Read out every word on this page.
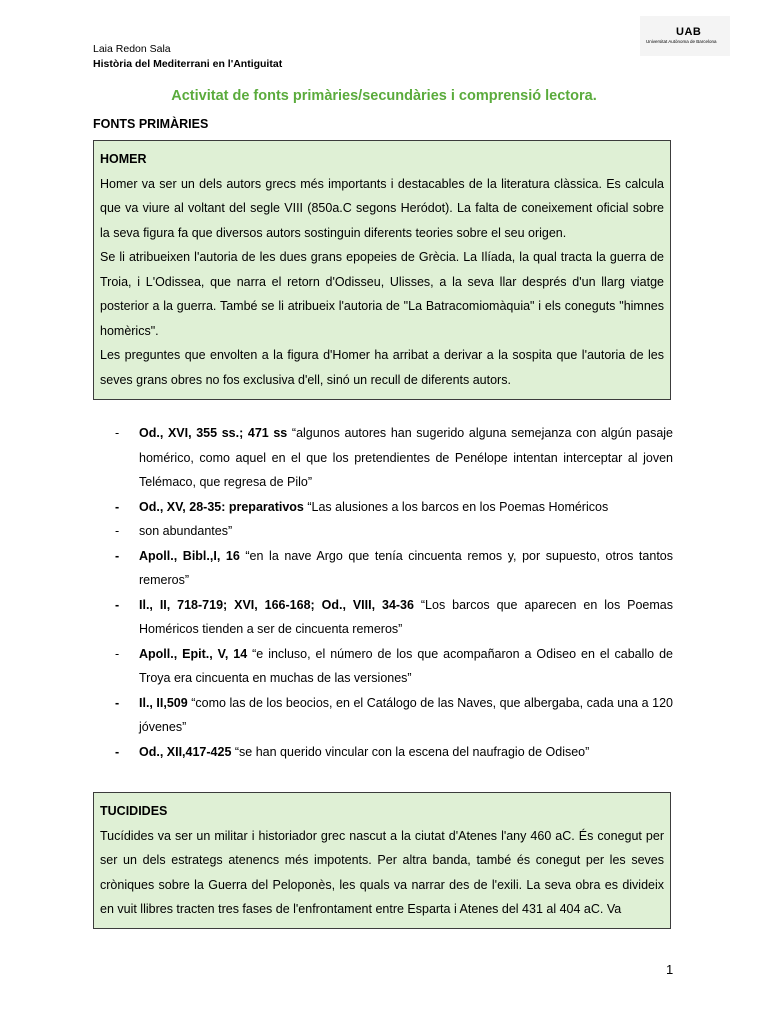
Laia Redon Sala
Història del Mediterrani en l'Antiguitat
UAB
Universitat Autònoma de Barcelona
Activitat de fonts primàries/secundàries i comprensió lectora.
FONTS PRIMÀRIES

HOMER

Homer va ser un dels autors grecs més importants i destacables de la literatura clàssica. Es calcula que va viure al voltant del segle VIII (850a.C segons Heródot). La falta de coneixement oficial sobre la seva figura fa que diversos autors sostinguin diferents teories sobre el seu origen.

Se li atribueixen l'autoria de les dues grans epopeies de Grècia. La Ilíada, la qual tracta la guerra de Troia, i L'Odissea, que narra el retorn d'Odisseu, Ulisses, a la seva llar després d'un llarg viatge posterior a la guerra. També se li atribueix l'autoria de "La Batracomiomàquia" i els coneguts "himnes homèrics".

Les preguntes que envolten a la figura d'Homer ha arribat a derivar a la sospita que l'autoria de les seves grans obres no fos exclusiva d'ell, sinó un recull de diferents autors.

-	Od., XVI, 355 ss.; 471 ss “algunos autores han sugerido alguna semejanza con algún pasaje homérico, como aquel en el que los pretendientes de Penélope intentan interceptar al joven Telémaco, que regresa de Pilo”
-	Od., XV, 28-35: preparativos “Las alusiones a los barcos en los Poemas Homéricos
-	son abundantes”
-	Apoll., Bibl.,I, 16 “en la nave Argo que tenía cincuenta remos y, por supuesto, otros tantos remeros”
-	Il., II, 718-719; XVI, 166-168; Od., VIII, 34-36 “Los barcos que aparecen en los Poemas Homéricos tienden a ser de cincuenta remeros”
-	Apoll., Epit., V, 14 “e incluso, el número de los que acompañaron a Odiseo en el caballo de Troya era cincuenta en muchas de las versiones”
-	Il., II,509 “como las de los beocios, en el Catálogo de las Naves, que albergaba, cada una a 120 jóvenes”
-	Od., XII,417-425 “se han querido vincular con la escena del naufragio de Odiseo”

TUCIDIDES

Tucídides va ser un militar i historiador grec nascut a la ciutat d'Atenes l'any 460 aC. És conegut per ser un dels estrategs atenencs més impotents. Per altra banda, també és conegut per les seves cròniques sobre la Guerra del Peloponès, les quals va narrar des de l'exili. La seva obra es divideix en vuit llibres tracten tres fases de l'enfrontament entre Esparta i Atenes del 431 al 404 aC. Va

1
